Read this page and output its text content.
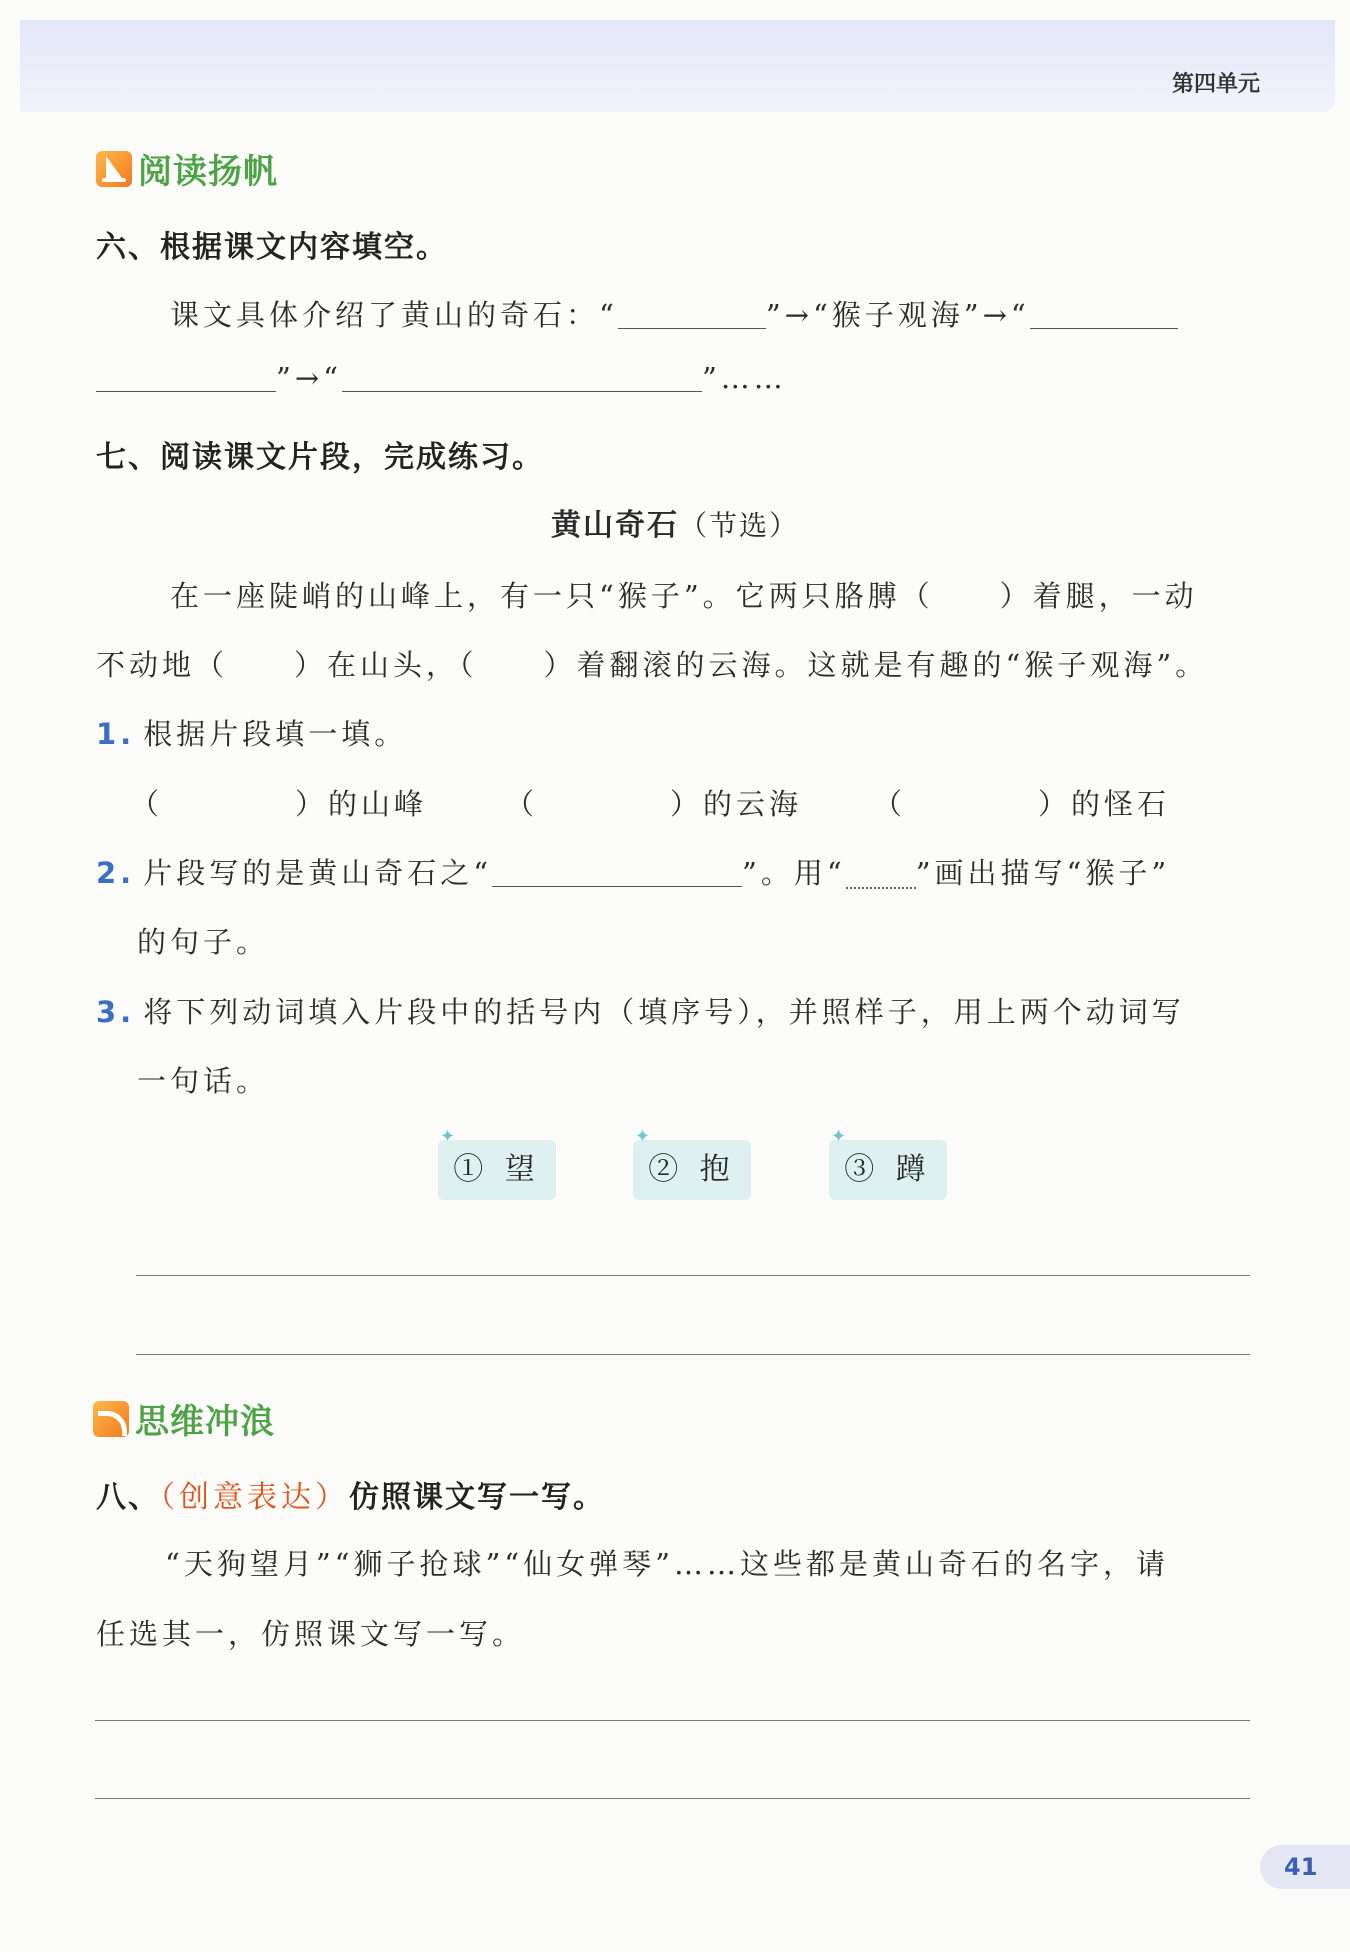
第四单元
阅读扬帆
六、根据课文内容填空。
课文具体介绍了黄山的奇石：“	”→“猴子观海”→“
”→“	”……
七、阅读课文片段，完成练习。
黄山奇石（节选）
在一座陡峭的山峰上，有一只“猴子”。它两只胳膊（　　）着腿，一动
不动地（　　）在山头，（　　）着翻滚的云海。这就是有趣的“猴子观海”。
1. 根据片段填一填。
（　　　　）的山峰	（　　　　）的云海 （　　　　）的怪石
2. 片段写的是黄山奇石之“	”。用“ ”画出描写“猴子”
的句子。
3. 将下列动词填入片段中的括号内（填序号），并照样子，用上两个动词写
一句话。
✦
① 望
✦
② 抱
✦
③ 蹲
思维冲浪
八、（创意表达）仿照课文写一写。
“天狗望月”“狮子抢球”“仙女弹琴”……这些都是黄山奇石的名字，请
任选其一，仿照课文写一写。
41
